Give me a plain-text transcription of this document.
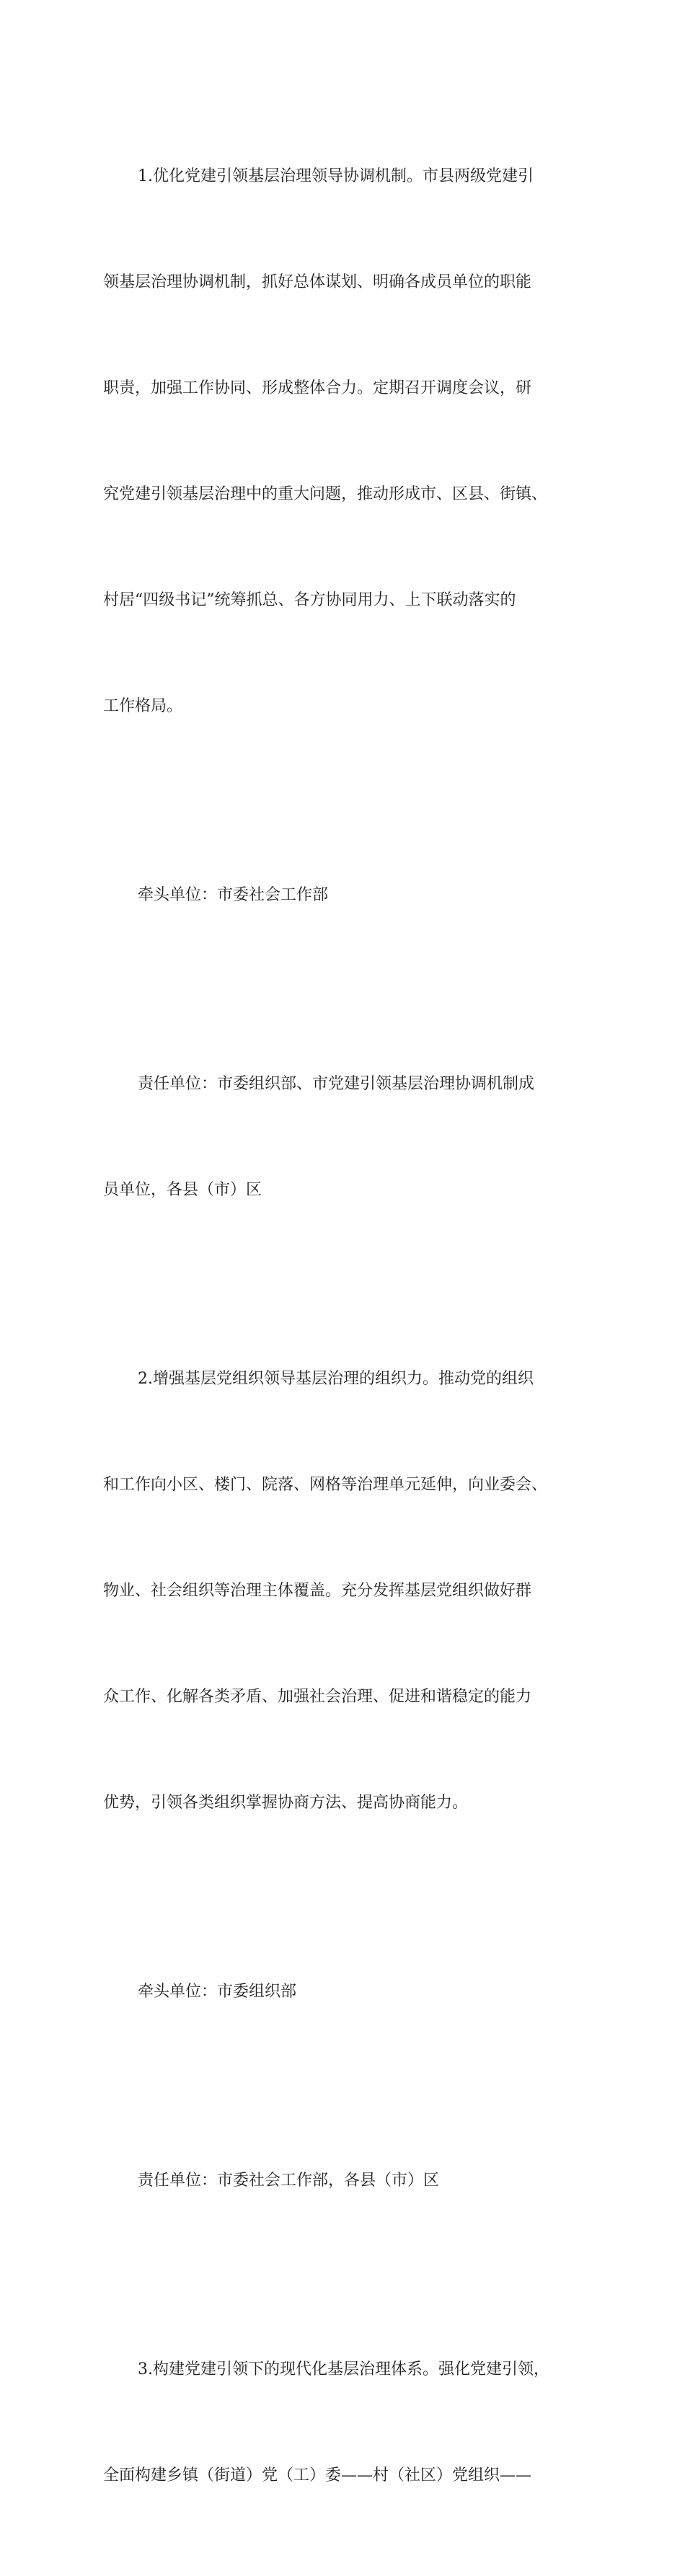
1.优化党建引领基层治理领导协调机制。市县两级党建引

领基层治理协调机制，抓好总体谋划、明确各成员单位的职能

职责，加强工作协同、形成整体合力。定期召开调度会议，研

究党建引领基层治理中的重大问题，推动形成市、区县、街镇、

村居“四级书记”统筹抓总、各方协同用力、上下联动落实的

工作格局。

牵头单位：市委社会工作部

责任单位：市委组织部、市党建引领基层治理协调机制成

员单位，各县（市）区

2.增强基层党组织领导基层治理的组织力。推动党的组织

和工作向小区、楼门、院落、网格等治理单元延伸，向业委会、

物业、社会组织等治理主体覆盖。充分发挥基层党组织做好群

众工作、化解各类矛盾、加强社会治理、促进和谐稳定的能力

优势，引领各类组织掌握协商方法、提高协商能力。

牵头单位：市委组织部

责任单位：市委社会工作部，各县（市）区

3.构建党建引领下的现代化基层治理体系。强化党建引领，

全面构建乡镇（街道）党（工）委——村（社区）党组织——
